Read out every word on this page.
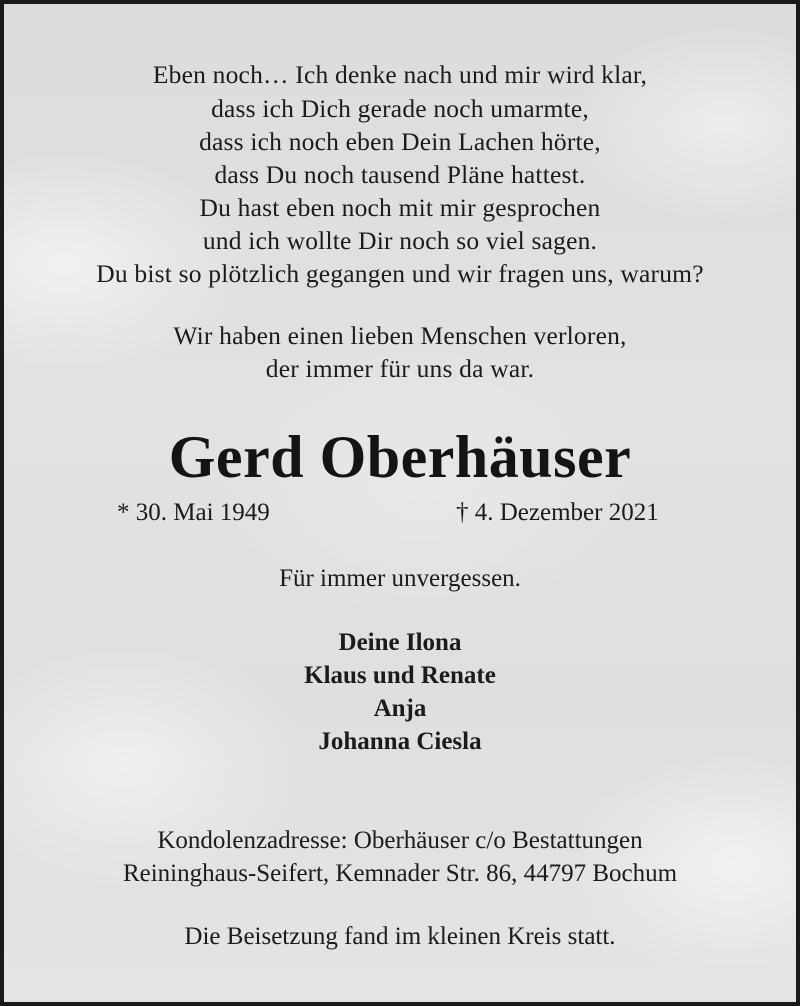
Eben noch… Ich denke nach und mir wird klar,
dass ich Dich gerade noch umarmte,
dass ich noch eben Dein Lachen hörte,
dass Du noch tausend Pläne hattest.
Du hast eben noch mit mir gesprochen
und ich wollte Dir noch so viel sagen.
Du bist so plötzlich gegangen und wir fragen uns, warum?
Wir haben einen lieben Menschen verloren,
der immer für uns da war.
Gerd Oberhäuser
* 30. Mai 1949	† 4. Dezember 2021
Für immer unvergessen.
Deine Ilona
Klaus und Renate
Anja
Johanna Ciesla
Kondolenzadresse: Oberhäuser c/o Bestattungen
Reininghaus-Seifert, Kemnader Str. 86, 44797 Bochum
Die Beisetzung fand im kleinen Kreis statt.
